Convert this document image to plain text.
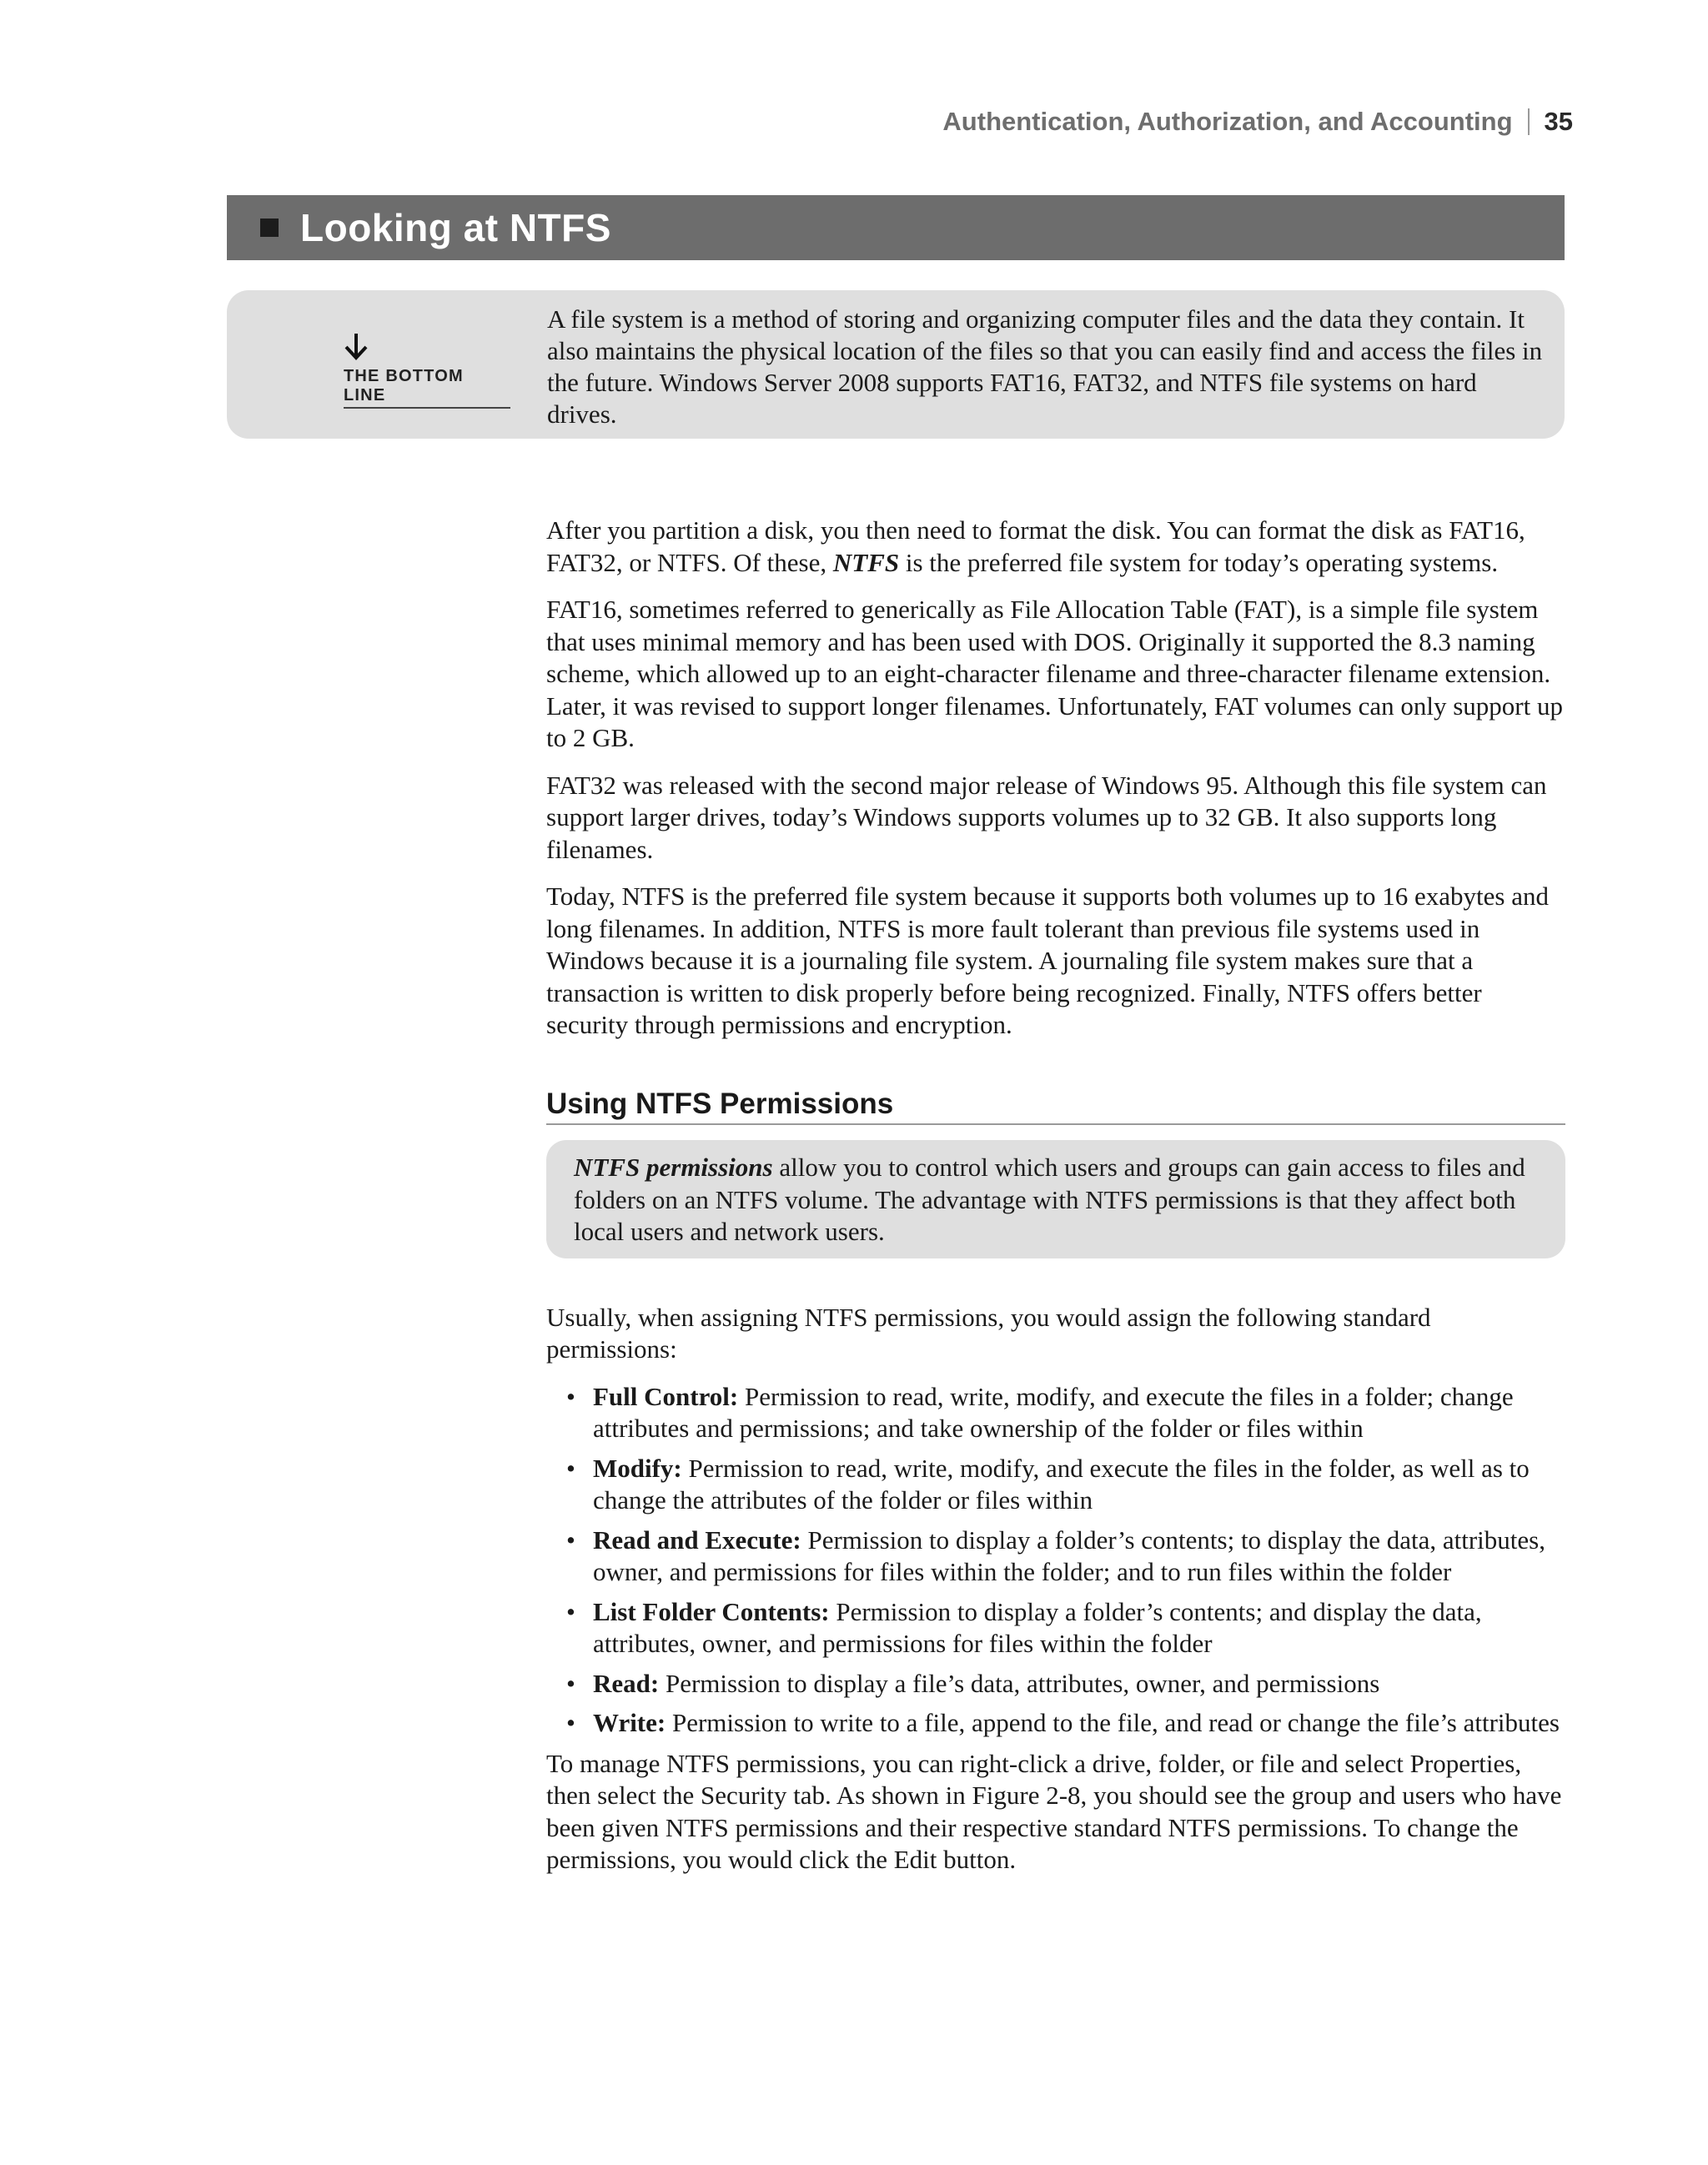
Authentication, Authorization, and Accounting 35
Looking at NTFS
THE BOTTOM LINE

A file system is a method of storing and organizing computer files and the data they contain. It also maintains the physical location of the files so that you can easily find and access the files in the future. Windows Server 2008 supports FAT16, FAT32, and NTFS file systems on hard drives.

After you partition a disk, you then need to format the disk. You can format the disk as FAT16, FAT32, or NTFS. Of these, NTFS is the preferred file system for today’s operating systems.

FAT16, sometimes referred to generically as File Allocation Table (FAT), is a simple file system that uses minimal memory and has been used with DOS. Originally it supported the 8.3 naming scheme, which allowed up to an eight-character filename and three-character filename extension. Later, it was revised to support longer filenames. Unfortunately, FAT volumes can only support up to 2 GB.

FAT32 was released with the second major release of Windows 95. Although this file system can support larger drives, today’s Windows supports volumes up to 32 GB. It also supports long filenames.

Today, NTFS is the preferred file system because it supports both volumes up to 16 exabytes and long filenames. In addition, NTFS is more fault tolerant than previous file systems used in Windows because it is a journaling file system. A journaling file system makes sure that a transaction is written to disk properly before being recognized. Finally, NTFS offers better security through permissions and encryption.

Using NTFS Permissions

NTFS permissions allow you to control which users and groups can gain access to files and folders on an NTFS volume. The advantage with NTFS permissions is that they affect both local users and network users.

Usually, when assigning NTFS permissions, you would assign the following standard permissions:

• Full Control: Permission to read, write, modify, and execute the files in a folder; change attributes and permissions; and take ownership of the folder or files within
• Modify: Permission to read, write, modify, and execute the files in the folder, as well as to change the attributes of the folder or files within
• Read and Execute: Permission to display a folder’s contents; to display the data, attributes, owner, and permissions for files within the folder; and to run files within the folder
• List Folder Contents: Permission to display a folder’s contents; and display the data, attributes, owner, and permissions for files within the folder
• Read: Permission to display a file’s data, attributes, owner, and permissions
• Write: Permission to write to a file, append to the file, and read or change the file’s attributes

To manage NTFS permissions, you can right-click a drive, folder, or file and select Properties, then select the Security tab. As shown in Figure 2-8, you should see the group and users who have been given NTFS permissions and their respective standard NTFS permissions. To change the permissions, you would click the Edit button.
